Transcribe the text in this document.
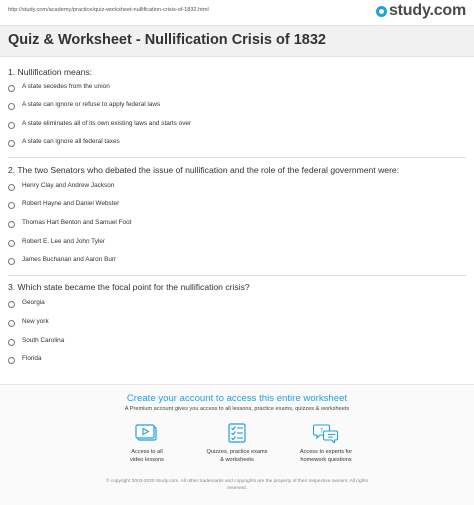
http://study.com/academy/practice/quiz-worksheet-nullification-crisis-of-1832.html	study.com
Quiz & Worksheet - Nullification Crisis of 1832
1. Nullification means:
A state secedes from the union
A state can ignore or refuse to apply federal laws
A state eliminates all of its own existing laws and starts over
A state can ignore all federal taxes
2. The two Senators who debated the issue of nullification and the role of the federal government were:
Henry Clay and Andrew Jackson
Robert Hayne and Daniel Webster
Thomas Hart Benton and Samuel Foot
Robert E. Lee and John Tyler
James Buchanan and Aaron Burr
3. Which state became the focal point for the nullification crisis?
Georgia
New york
South Carolina
Florida
Create your account to access this entire worksheet
A Premium account gives you access to all lessons, practice exams, quizzes & worksheets
Access to all
video lessons
Quizzes, practice exams
& worksheets
?
Access to experts for
homework questions
© copyright 2003-2020 Study.com. All other trademarks and copyrights are the property of their respective owners. All rights
reserved.
